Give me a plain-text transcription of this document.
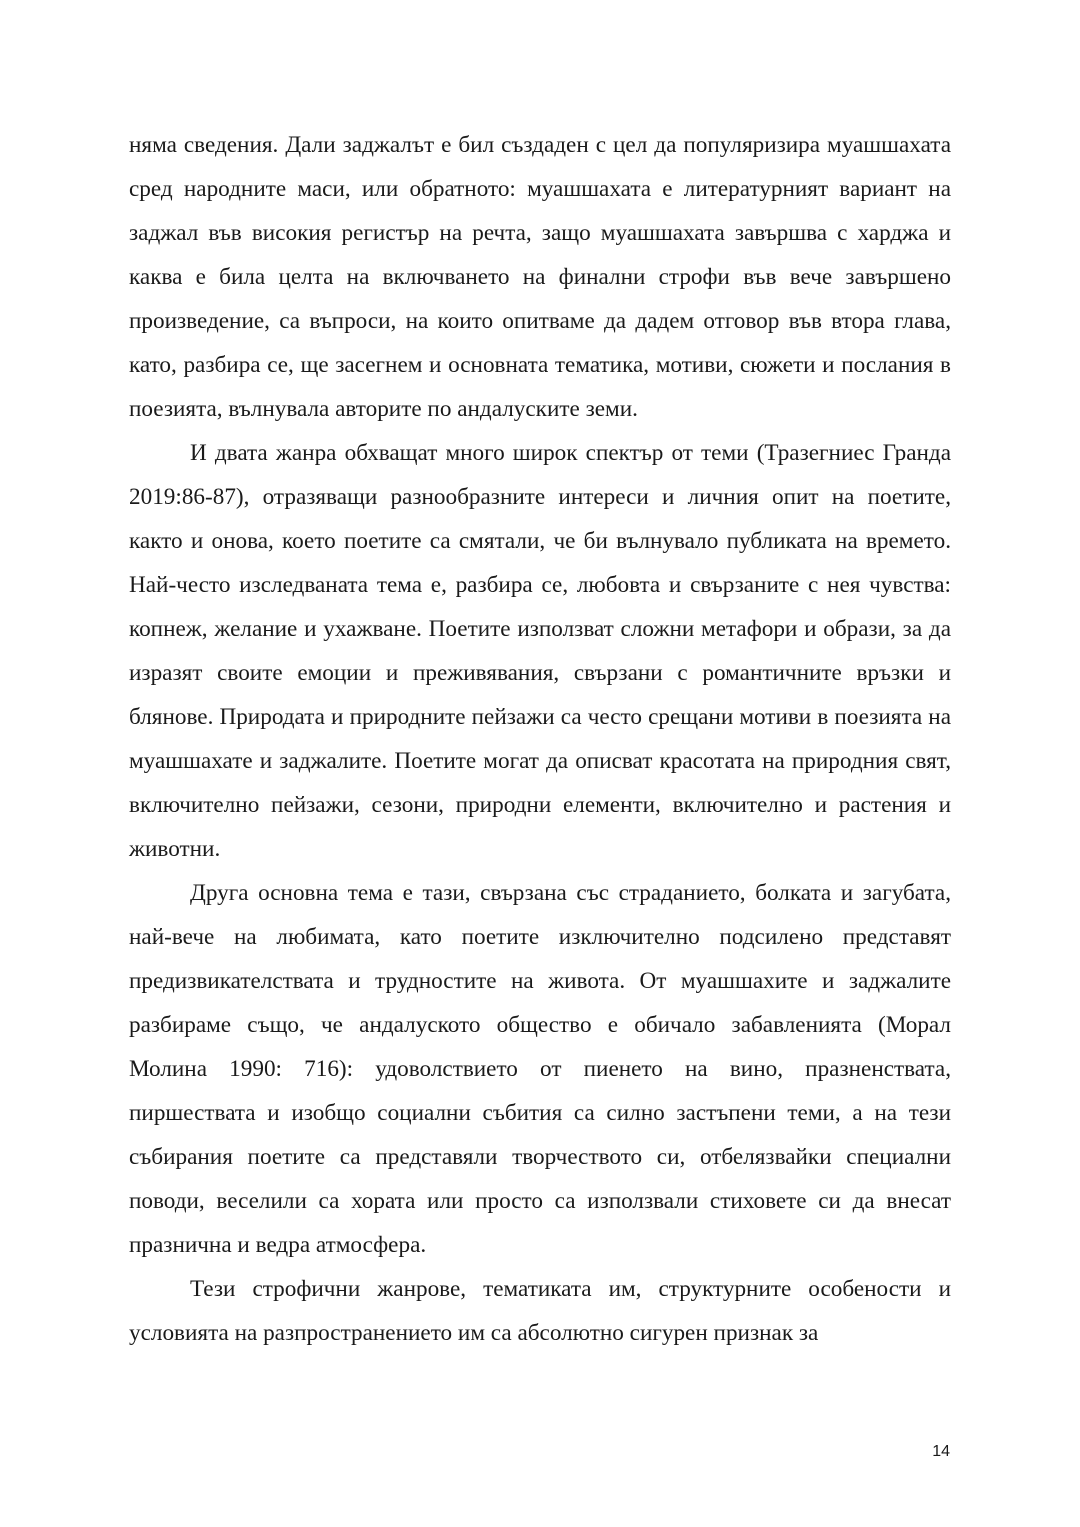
няма сведения. Дали заджалът е бил създаден с цел да популяризира муашшахата сред народните маси, или обратното: муашшахата е литературният вариант на заджал във високия регистър на речта, защо муашшахата завършва с харджа и каква е била целта на включването на финални строфи във вече завършено произведение, са въпроси, на които опитваме да дадем отговор във втора глава, като, разбира се, ще засегнем и основната тематика, мотиви, сюжети и послания в поезията, вълнувала авторите по андалуските земи.

И двата жанра обхващат много широк спектър от теми (Тразегниес Гранда 2019:86-87), отразяващи разнообразните интереси и личния опит на поетите, както и онова, което поетите са смятали, че би вълнувало публиката на времето. Най-често изследваната тема е, разбира се, любовта и свързаните с нея чувства: копнеж, желание и ухажване. Поетите използват сложни метафори и образи, за да изразят своите емоции и преживявания, свързани с романтичните връзки и блянове. Природата и природните пейзажи са често срещани мотиви в поезията на муашшахате и заджалите. Поетите могат да описват красотата на природния свят, включително пейзажи, сезони, природни елементи, включително и растения и животни.

Друга основна тема е тази, свързана със страданието, болката и загубата, най-вече на любимата, като поетите изключително подсилено представят предизвикателствата и трудностите на живота. От муашшахите и заджалите разбираме също, че андалуското общество е обичало забавленията (Морал Молина 1990: 716): удоволствието от пиенето на вино, празненствата, пиршествата и изобщо социални събития са силно застъпени теми, а на тези събирания поетите са представяли творчеството си, отбелязвайки специални поводи, веселили са хората или просто са използвали стиховете си да внесат празнична и ведра атмосфера.

Тези строфични жанрове, тематиката им, структурните особености и условията на разпространението им са абсолютно сигурен признак за

14
